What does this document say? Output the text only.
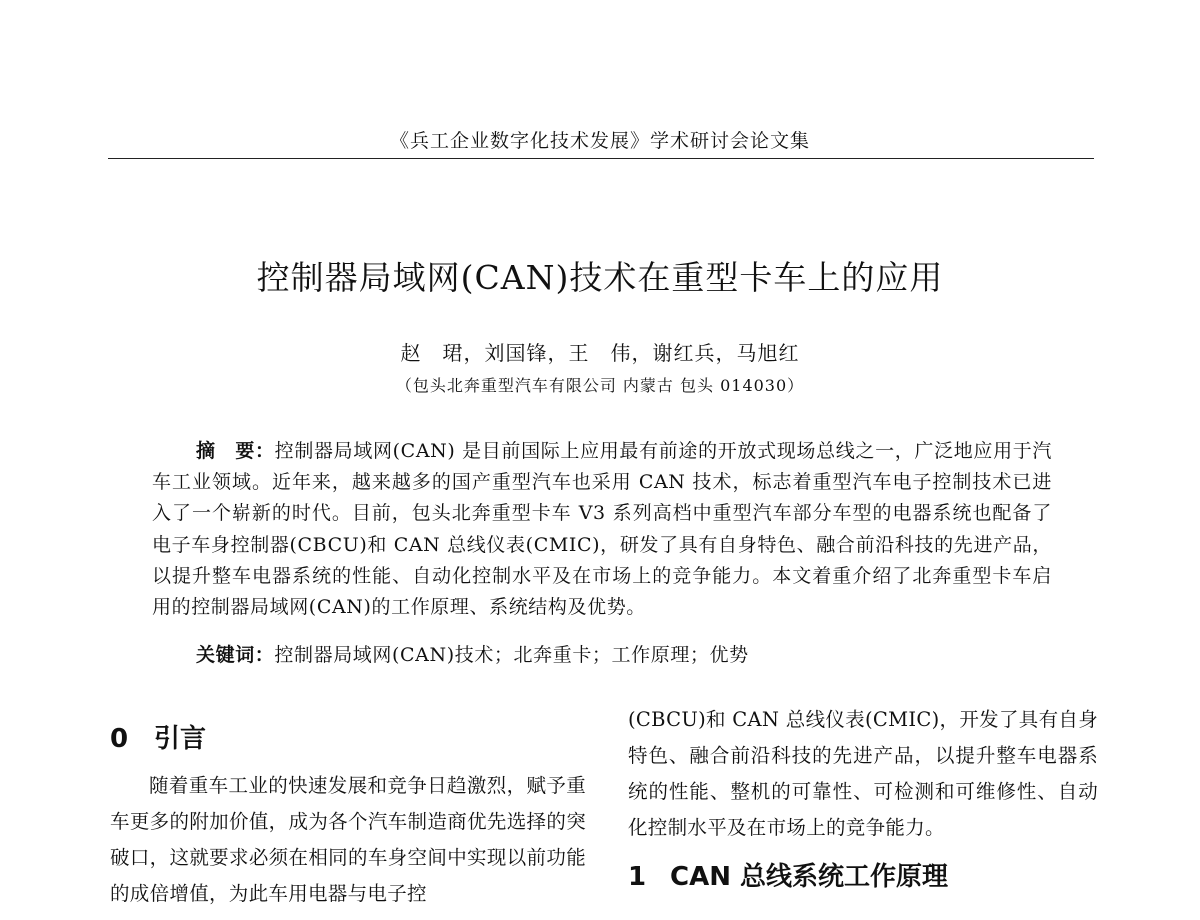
《兵工企业数字化技术发展》学术研讨会论文集
控制器局域网(CAN)技术在重型卡车上的应用
赵　珺，刘国锋，王　伟，谢红兵，马旭红
（包头北奔重型汽车有限公司 内蒙古 包头 014030）
摘　要：控制器局域网(CAN) 是目前国际上应用最有前途的开放式现场总线之一，广泛地应用于汽车工业领域。近年来，越来越多的国产重型汽车也采用 CAN 技术，标志着重型汽车电子控制技术已进入了一个崭新的时代。目前，包头北奔重型卡车 V3 系列高档中重型汽车部分车型的电器系统也配备了电子车身控制器(CBCU)和 CAN 总线仪表(CMIC)，研发了具有自身特色、融合前沿科技的先进产品，以提升整车电器系统的性能、自动化控制水平及在市场上的竞争能力。本文着重介绍了北奔重型卡车启用的控制器局域网(CAN)的工作原理、系统结构及优势。
关键词：控制器局域网(CAN)技术；北奔重卡；工作原理；优势
0 引言

随着重车工业的快速发展和竞争日趋激烈，赋予重车更多的附加价值，成为各个汽车制造商优先选择的突破口，这就要求必须在相同的车身空间中实现以前功能的成倍增值，为此车用电器与电子控

(CBCU)和 CAN 总线仪表(CMIC)，开发了具有自身特色、融合前沿科技的先进产品，以提升整车电器系统的性能、整机的可靠性、可检测和可维修性、自动化控制水平及在市场上的竞争能力。

1 CAN 总线系统工作原理
